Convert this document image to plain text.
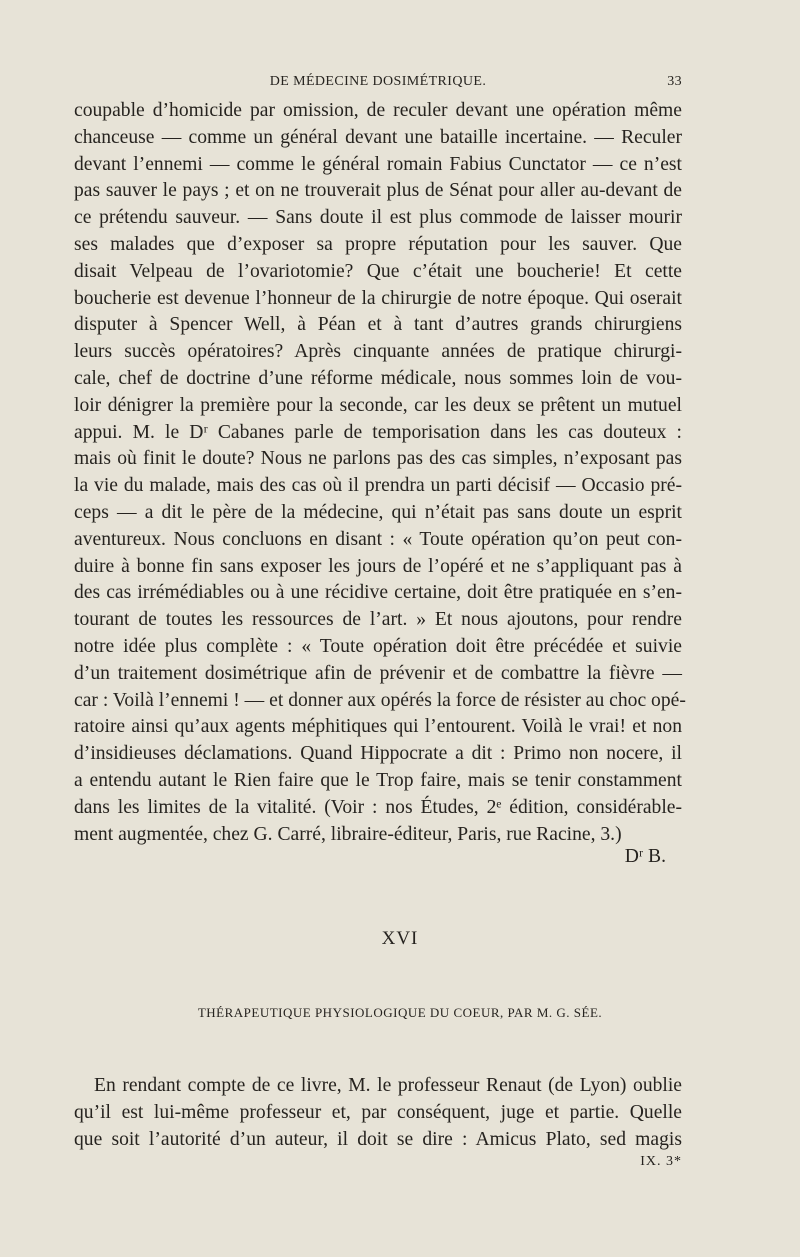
DE MÉDECINE DOSIMÉTRIQUE.	33
coupable d’homicide par omission, de reculer devant une opération même
chanceuse — comme un général devant une bataille incertaine. — Reculer
devant l’ennemi — comme le général romain Fabius Cunctator — ce n’est
pas sauver le pays ; et on ne trouverait plus de Sénat pour aller au-devant de
ce prétendu sauveur. — Sans doute il est plus commode de laisser mourir
ses malades que d’exposer sa propre réputation pour les sauver. Que
disait Velpeau de l’ovariotomie? Que c’était une boucherie! Et cette
boucherie est devenue l’honneur de la chirurgie de notre époque. Qui oserait
disputer à Spencer Well, à Péan et à tant d’autres grands chirurgiens
leurs succès opératoires? Après cinquante années de pratique chirurgi-
cale, chef de doctrine d’une réforme médicale, nous sommes loin de vou-
loir dénigrer la première pour la seconde, car les deux se prêtent un mutuel
appui. M. le Dʳ Cabanes parle de temporisation dans les cas douteux :
mais où finit le doute? Nous ne parlons pas des cas simples, n’exposant pas
la vie du malade, mais des cas où il prendra un parti décisif — Occasio pré-
ceps — a dit le père de la médecine, qui n’était pas sans doute un esprit
aventureux. Nous concluons en disant : « Toute opération qu’on peut con-
duire à bonne fin sans exposer les jours de l’opéré et ne s’appliquant pas à
des cas irrémédiables ou à une récidive certaine, doit être pratiquée en s’en-
tourant de toutes les ressources de l’art. » Et nous ajoutons, pour rendre
notre idée plus complète : « Toute opération doit être précédée et suivie
d’un traitement dosimétrique afin de prévenir et de combattre la fièvre —
car : Voilà l’ennemi ! — et donner aux opérés la force de résister au choc opé-
ratoire ainsi qu’aux agents méphitiques qui l’entourent. Voilà le vrai! et non
d’insidieuses déclamations. Quand Hippocrate a dit : Primo non nocere, il
a entendu autant le Rien faire que le Trop faire, mais se tenir constamment
dans les limites de la vitalité. (Voir : nos Études, 2ᵉ édition, considérable-
ment augmentée, chez G. Carré, libraire-éditeur, Paris, rue Racine, 3.)
Dʳ B.
XVI
THÉRAPEUTIQUE PHYSIOLOGIQUE DU COEUR, PAR M. G. SÉE.
En rendant compte de ce livre, M. le professeur Renaut (de Lyon) oublie
qu’il est lui-même professeur et, par conséquent, juge et partie. Quelle
que soit l’autorité d’un auteur, il doit se dire : Amicus Plato, sed magis
IX. 3*
